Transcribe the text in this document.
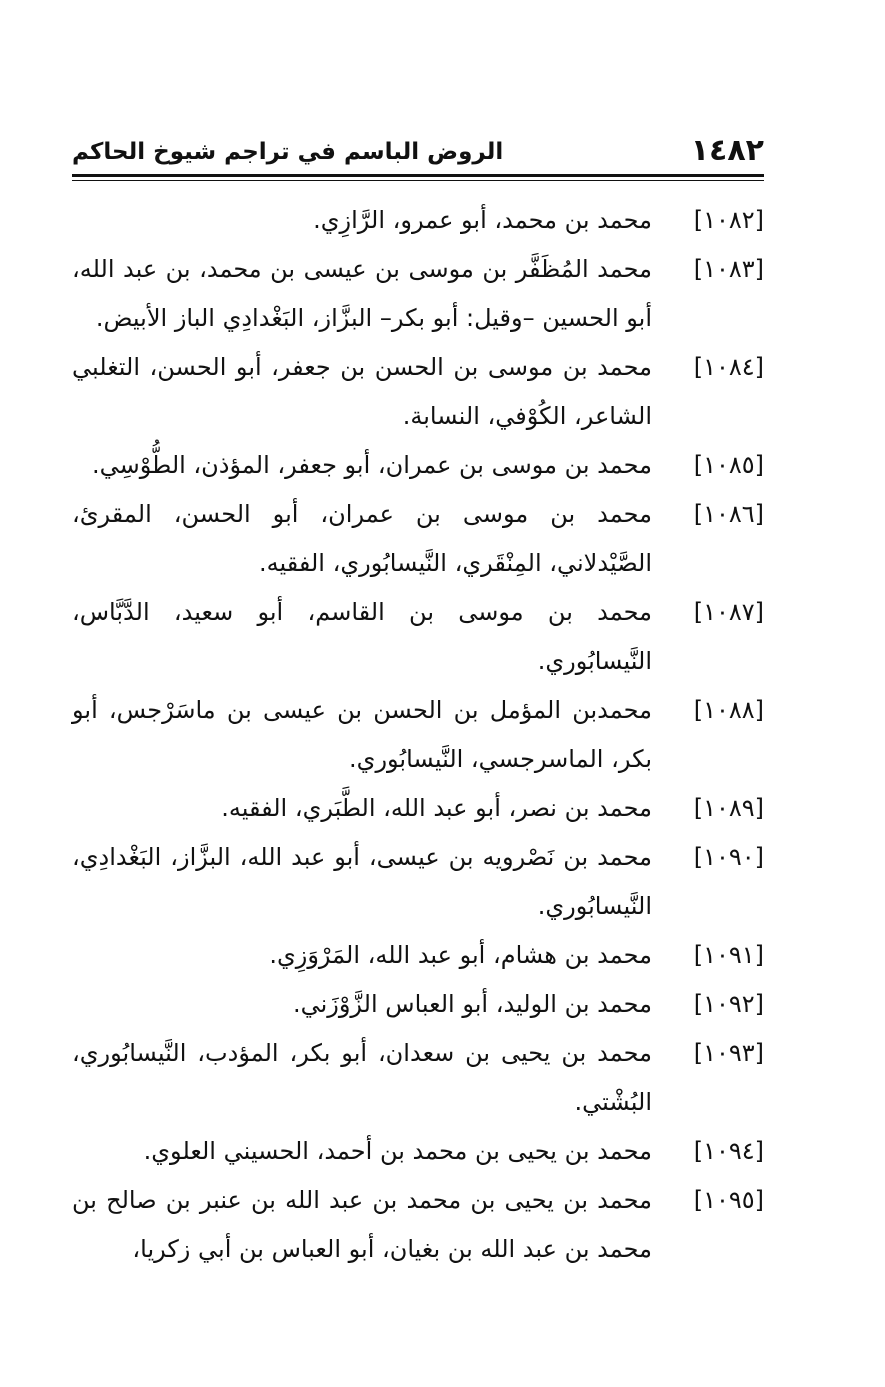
١٤٨٢
الروض الباسم في تراجم شيوخ الحاكم
[١٠٨٢]
محمد بن محمد، أبو عمرو، الرَّازِي.
[١٠٨٣]
محمد المُظَفَّر بن موسى بن عيسى بن محمد، بن عبد الله، أبو الحسين –وقيل: أبو بكر– البزَّاز، البَغْدادِي الباز الأبيض.
[١٠٨٤]
محمد بن موسى بن الحسن بن جعفر، أبو الحسن، التغلبي الشاعر، الكُوْفي، النسابة.
[١٠٨٥]
محمد بن موسى بن عمران، أبو جعفر، المؤذن، الطُّوْسِي.
[١٠٨٦]
محمد بن موسى بن عمران، أبو الحسن، المقرئ، الصَّيْدلاني، المِنْقَري، النَّيسابُوري، الفقيه.
[١٠٨٧]
محمد بن موسى بن القاسم، أبو سعيد، الدَّبَّاس، النَّيسابُوري.
[١٠٨٨]
محمدبن المؤمل بن الحسن بن عيسى بن ماسَرْجس، أبو بكر، الماسرجسي، النَّيسابُوري.
[١٠٨٩]
محمد بن نصر، أبو عبد الله، الطَّبَري، الفقيه.
[١٠٩٠]
محمد بن نَصْرويه بن عيسى، أبو عبد الله، البزَّاز، البَغْدادِي، النَّيسابُوري.
[١٠٩١]
محمد بن هشام، أبو عبد الله، المَرْوَزِي.
[١٠٩٢]
محمد بن الوليد، أبو العباس الزَّوْزَني.
[١٠٩٣]
محمد بن يحيى بن سعدان، أبو بكر، المؤدب، النَّيسابُوري، البُشْتي.
[١٠٩٤]
محمد بن يحيى بن محمد بن أحمد، الحسيني العلوي.
[١٠٩٥]
محمد بن يحيى بن محمد بن عبد الله بن عنبر بن صالح بن محمد بن عبد الله بن بغيان، أبو العباس بن أبي زكريا،
